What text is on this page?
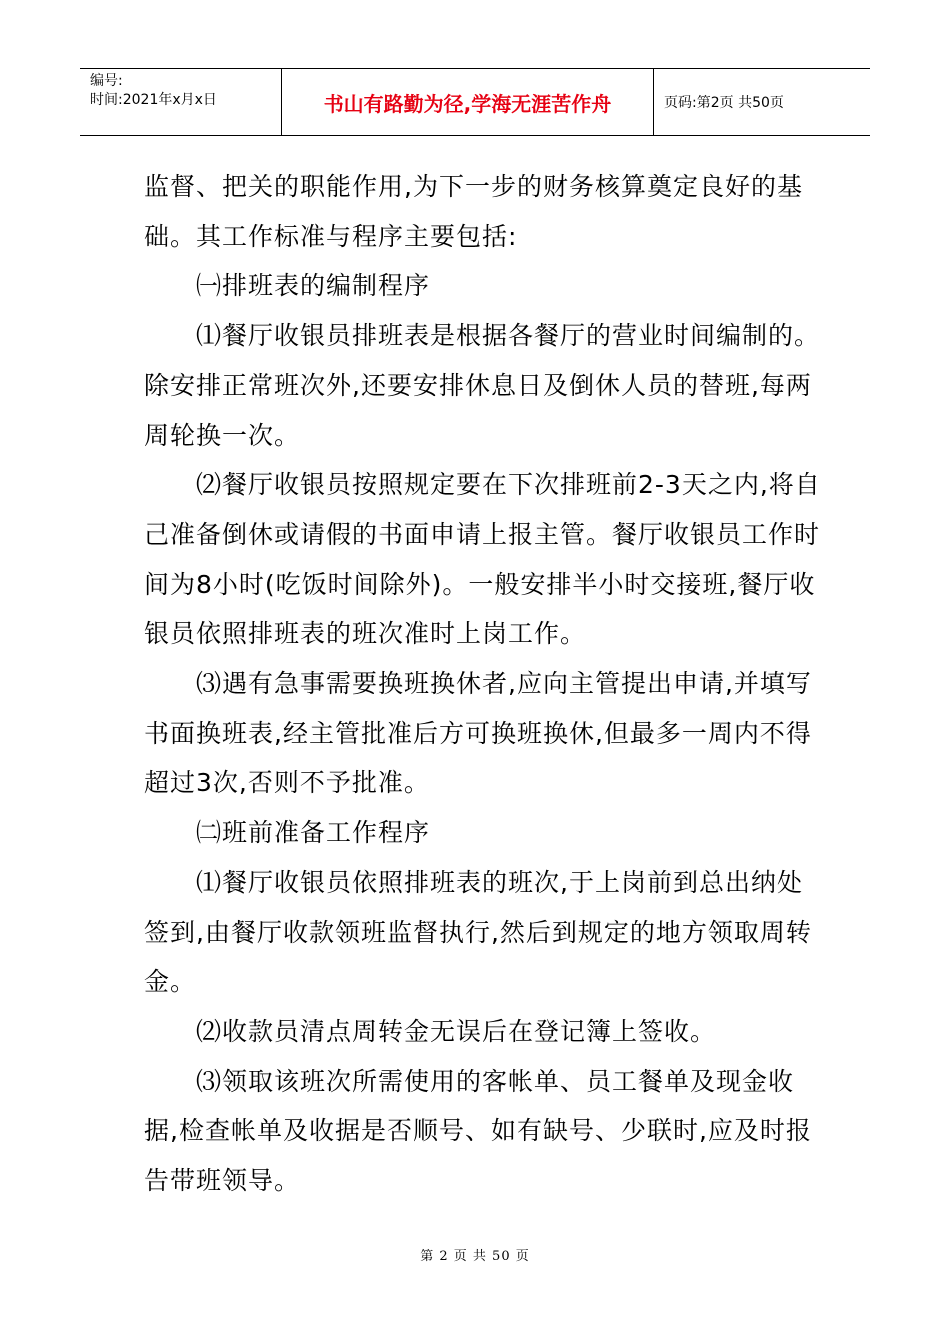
编号:
时间:2021年x月x日	书山有路勤为径,学海无涯苦作舟	页码:第2页 共50页

监督、把关的职能作用,为下一步的财务核算奠定良好的基础。其工作标准与程序主要包括:

㈠排班表的编制程序

⑴餐厅收银员排班表是根据各餐厅的营业时间编制的。除安排正常班次外,还要安排休息日及倒休人员的替班,每两周轮换一次。

⑵餐厅收银员按照规定要在下次排班前2-3天之内,将自己准备倒休或请假的书面申请上报主管。餐厅收银员工作时间为8小时(吃饭时间除外)。一般安排半小时交接班,餐厅收银员依照排班表的班次准时上岗工作。

⑶遇有急事需要换班换休者,应向主管提出申请,并填写书面换班表,经主管批准后方可换班换休,但最多一周内不得超过3次,否则不予批准。

㈡班前准备工作程序

⑴餐厅收银员依照排班表的班次,于上岗前到总出纳处签到,由餐厅收款领班监督执行,然后到规定的地方领取周转金。

⑵收款员清点周转金无误后在登记簿上签收。

⑶领取该班次所需使用的客帐单、员工餐单及现金收据,检查帐单及收据是否顺号、如有缺号、少联时,应及时报告带班领导。

第 2 页 共 50 页
